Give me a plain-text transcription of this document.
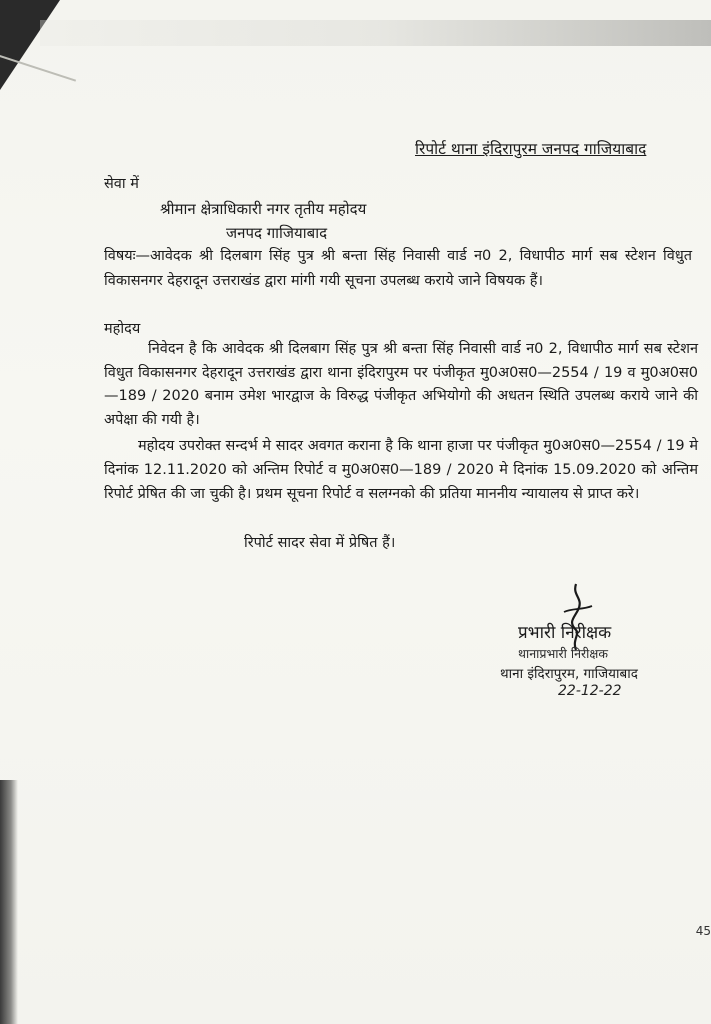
रिपोर्ट थाना इंदिरापुरम जनपद गाजियाबाद
सेवा में
श्रीमान क्षेत्राधिकारी नगर तृतीय महोदय
जनपद गाजियाबाद
विषयः—आवेदक श्री दिलबाग सिंह पुत्र श्री बन्ता सिंह निवासी वार्ड न0 2, विधापीठ मार्ग सब स्टेशन विधुत विकासनगर देहरादून उत्तराखंड द्वारा मांगी गयी सूचना उपलब्ध कराये जाने विषयक हैं।
महोदय
निवेदन है कि आवेदक श्री दिलबाग सिंह पुत्र श्री बन्ता सिंह निवासी वार्ड न0 2, विधापीठ मार्ग सब स्टेशन विधुत विकासनगर देहरादून उत्तराखंड द्वारा थाना इंदिरापुरम पर पंजीकृत मु0अ0स0—2554 / 19 व मु0अ0स0—189 / 2020 बनाम उमेश भारद्वाज के विरुद्ध पंजीकृत अभियोगो की अधतन स्थिति उपलब्ध कराये जाने की अपेक्षा की गयी है।
महोदय उपरोक्त सन्दर्भ मे सादर अवगत कराना है कि थाना हाजा पर पंजीकृत मु0अ0स0—2554 / 19 मे दिनांक 12.11.2020 को अन्तिम रिपोर्ट व मु0अ0स0—189 / 2020 मे दिनांक 15.09.2020 को अन्तिम रिपोर्ट प्रेषित की जा चुकी है। प्रथम सूचना रिपोर्ट व सलग्नको की प्रतिया माननीय न्यायालय से प्राप्त करे।
रिपोर्ट सादर सेवा में प्रेषित हैं।
प्रभारी निरीक्षक
थानाप्रभारी निरीक्षक
थाना इंदिरापुरम, गाजियाबाद
22-12-22
45
